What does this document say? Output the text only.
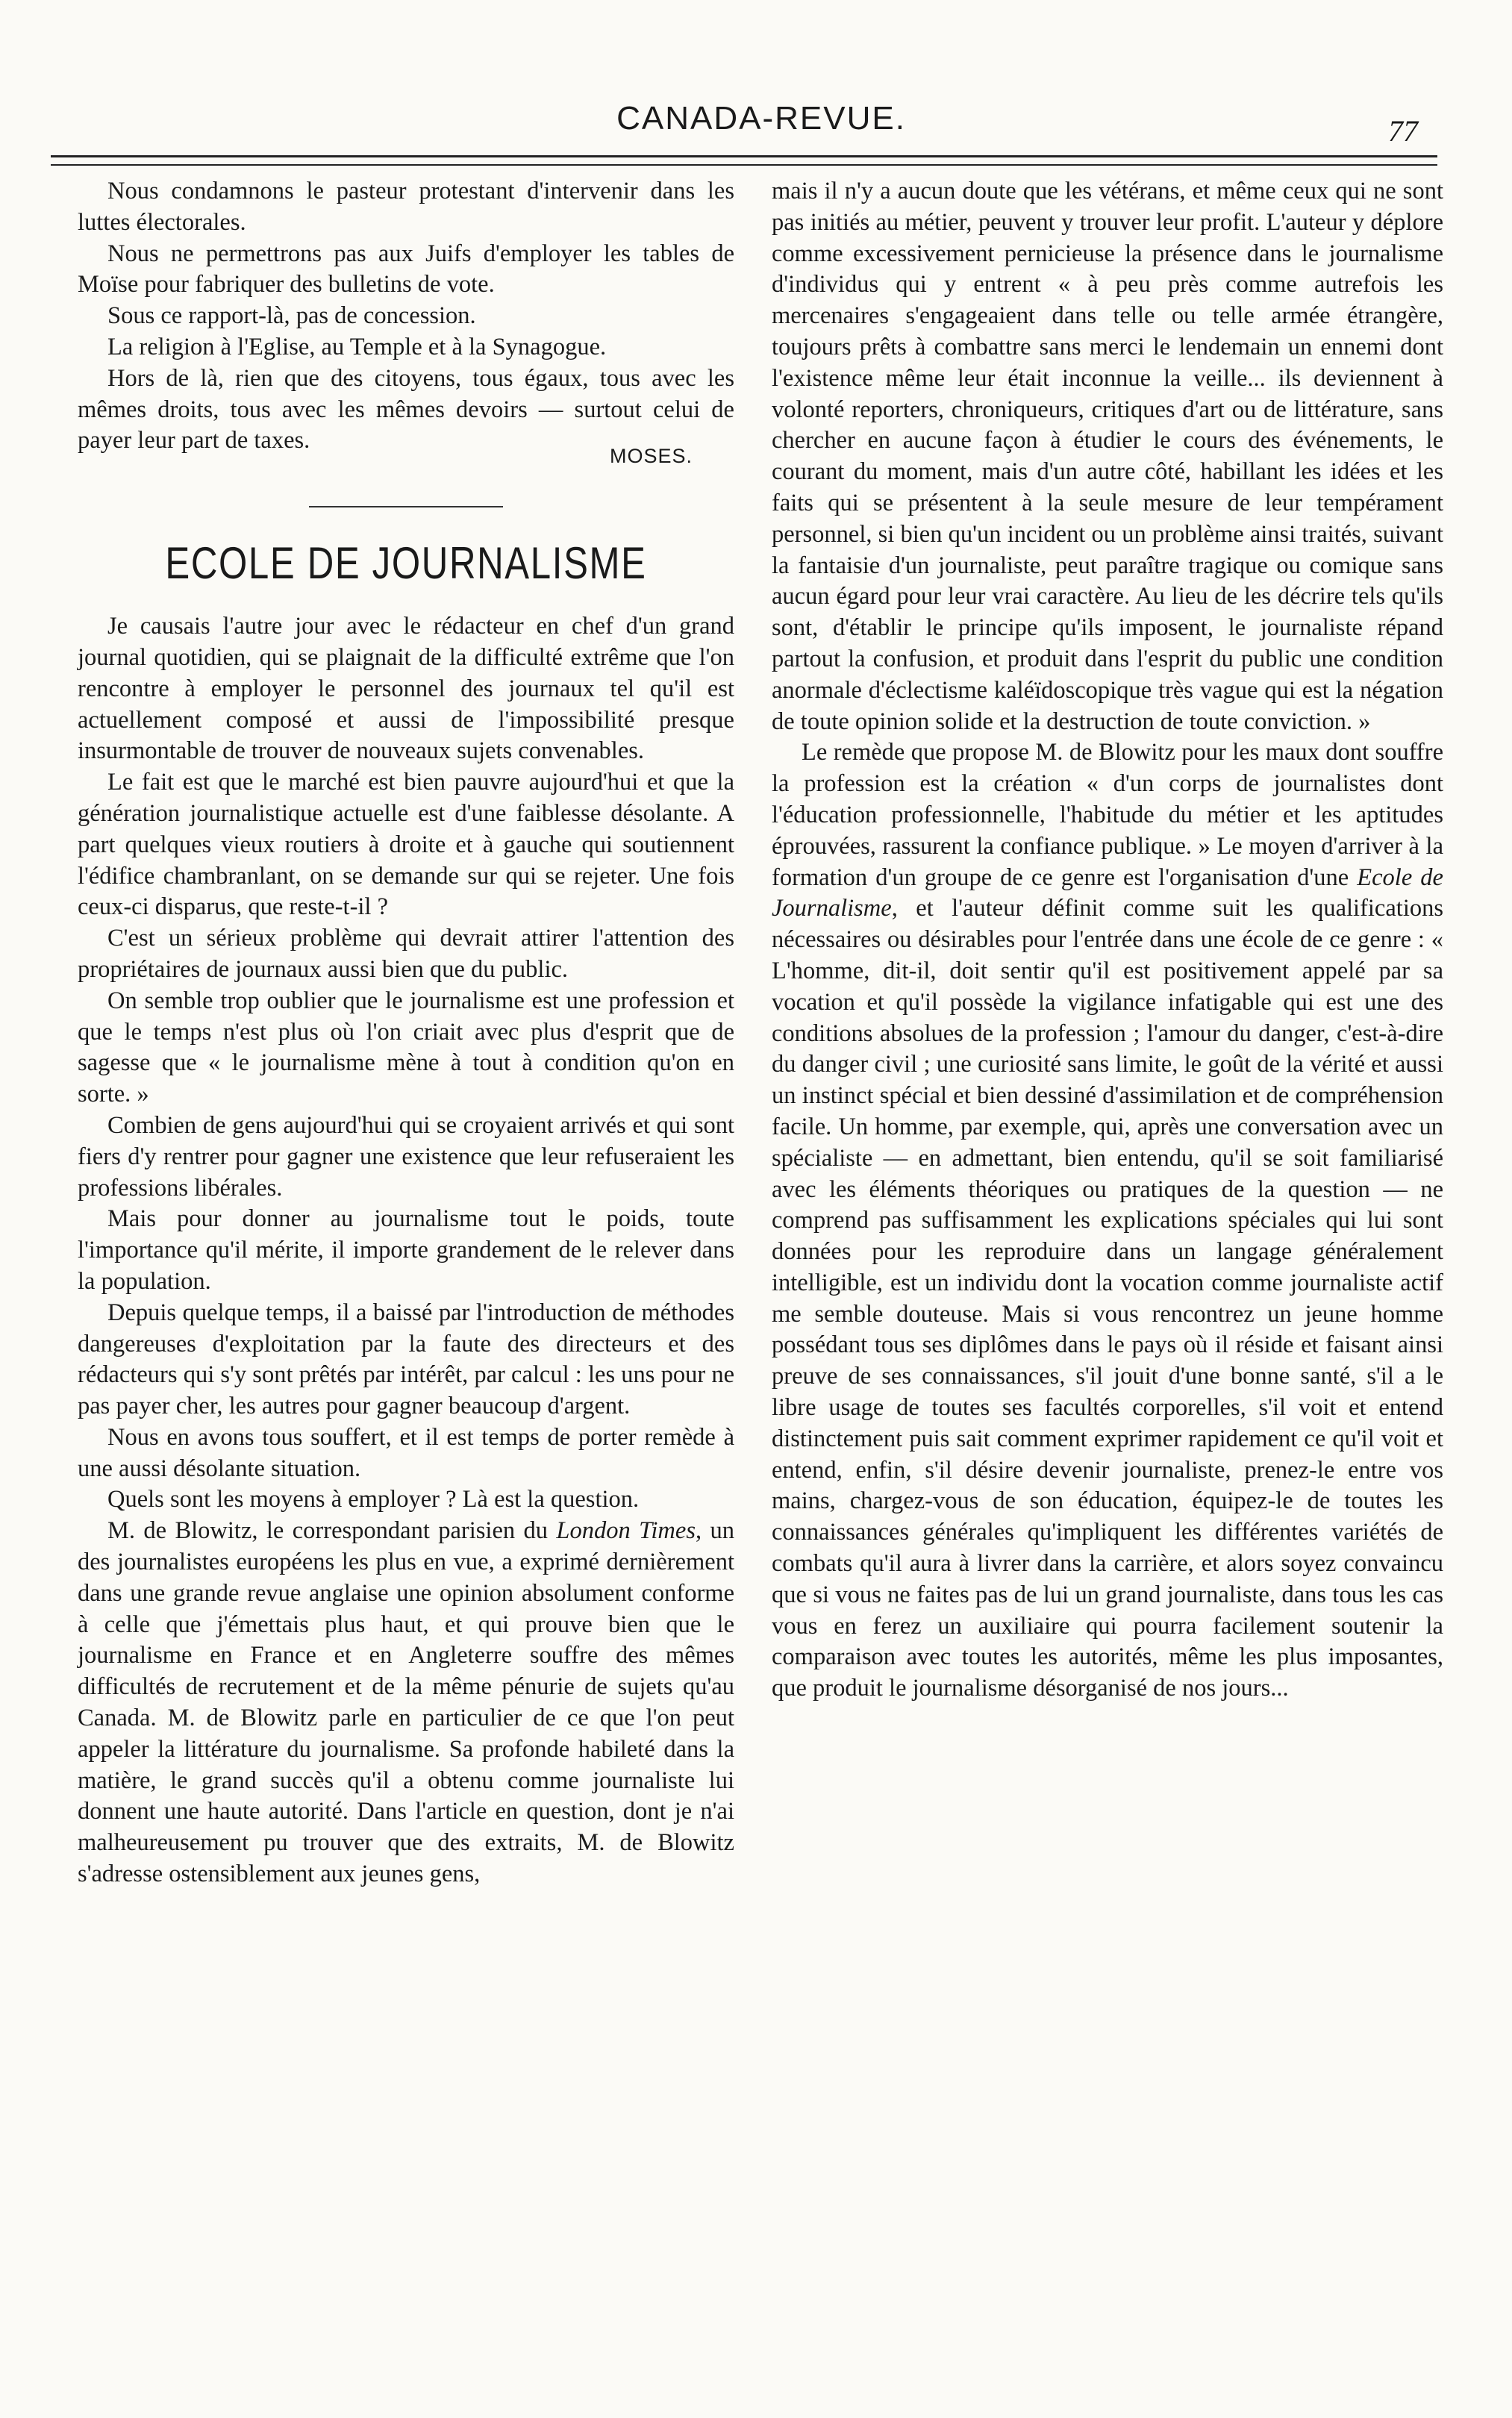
CANADA-REVUE.	77

Nous condamnons le pasteur protestant d'intervenir dans les luttes électorales.

Nous ne permettrons pas aux Juifs d'employer les tables de Moïse pour fabriquer des bulletins de vote.

Sous ce rapport-là, pas de concession.

La religion à l'Eglise, au Temple et à la Synagogue.

Hors de là, rien que des citoyens, tous égaux, tous avec les mêmes droits, tous avec les mêmes devoirs — surtout celui de payer leur part de taxes.

MOSES.
ECOLE DE JOURNALISME

Je causais l'autre jour avec le rédacteur en chef d'un grand journal quotidien, qui se plaignait de la difficulté extrême que l'on rencontre à employer le personnel des journaux tel qu'il est actuellement composé et aussi de l'impossibilité presque insurmontable de trouver de nouveaux sujets convenables.

Le fait est que le marché est bien pauvre aujourd'hui et que la génération journalistique actuelle est d'une faiblesse désolante. A part quelques vieux routiers à droite et à gauche qui soutiennent l'édifice chambranlant, on se demande sur qui se rejeter. Une fois ceux-ci disparus, que reste-t-il ?

C'est un sérieux problème qui devrait attirer l'attention des propriétaires de journaux aussi bien que du public.

On semble trop oublier que le journalisme est une profession et que le temps n'est plus où l'on criait avec plus d'esprit que de sagesse que « le journalisme mène à tout à condition qu'on en sorte. »

Combien de gens aujourd'hui qui se croyaient arrivés et qui sont fiers d'y rentrer pour gagner une existence que leur refuseraient les professions libérales.

Mais pour donner au journalisme tout le poids, toute l'importance qu'il mérite, il importe grandement de le relever dans la population.

Depuis quelque temps, il a baissé par l'introduction de méthodes dangereuses d'exploitation par la faute des directeurs et des rédacteurs qui s'y sont prêtés par intérêt, par calcul : les uns pour ne pas payer cher, les autres pour gagner beaucoup d'argent.

Nous en avons tous souffert, et il est temps de porter remède à une aussi désolante situation.

Quels sont les moyens à employer ? Là est la question.

M. de Blowitz, le correspondant parisien du London Times, un des journalistes européens les plus en vue, a exprimé dernièrement dans une grande revue anglaise une opinion absolument conforme à celle que j'émettais plus haut, et qui prouve bien que le journalisme en France et en Angleterre souffre des mêmes difficultés de recrutement et de la même pénurie de sujets qu'au Canada. M. de Blowitz parle en particulier de ce que l'on peut appeler la littérature du journalisme. Sa profonde habileté dans la matière, le grand succès qu'il a obtenu comme journaliste lui donnent une haute autorité. Dans l'article en question, dont je n'ai malheureusement pu trouver que des extraits, M. de Blowitz s'adresse ostensiblement aux jeunes gens,

mais il n'y a aucun doute que les vétérans, et même ceux qui ne sont pas initiés au métier, peuvent y trouver leur profit. L'auteur y déplore comme excessivement pernicieuse la présence dans le journalisme d'individus qui y entrent « à peu près comme autrefois les mercenaires s'engageaient dans telle ou telle armée étrangère, toujours prêts à combattre sans merci le lendemain un ennemi dont l'existence même leur était inconnue la veille... ils deviennent à volonté reporters, chroniqueurs, critiques d'art ou de littérature, sans chercher en aucune façon à étudier le cours des événements, le courant du moment, mais d'un autre côté, habillant les idées et les faits qui se présentent à la seule mesure de leur tempérament personnel, si bien qu'un incident ou un problème ainsi traités, suivant la fantaisie d'un journaliste, peut paraître tragique ou comique sans aucun égard pour leur vrai caractère. Au lieu de les décrire tels qu'ils sont, d'établir le principe qu'ils imposent, le journaliste répand partout la confusion, et produit dans l'esprit du public une condition anormale d'éclectisme kaléïdoscopique très vague qui est la négation de toute opinion solide et la destruction de toute conviction. »

Le remède que propose M. de Blowitz pour les maux dont souffre la profession est la création « d'un corps de journalistes dont l'éducation professionnelle, l'habitude du métier et les aptitudes éprouvées, rassurent la confiance publique. » Le moyen d'arriver à la formation d'un groupe de ce genre est l'organisation d'une Ecole de Journalisme, et l'auteur définit comme suit les qualifications nécessaires ou désirables pour l'entrée dans une école de ce genre : « L'homme, dit-il, doit sentir qu'il est positivement appelé par sa vocation et qu'il possède la vigilance infatigable qui est une des conditions absolues de la profession ; l'amour du danger, c'est-à-dire du danger civil ; une curiosité sans limite, le goût de la vérité et aussi un instinct spécial et bien dessiné d'assimilation et de compréhension facile. Un homme, par exemple, qui, après une conversation avec un spécialiste — en admettant, bien entendu, qu'il se soit familiarisé avec les éléments théoriques ou pratiques de la question — ne comprend pas suffisamment les explications spéciales qui lui sont données pour les reproduire dans un langage généralement intelligible, est un individu dont la vocation comme journaliste actif me semble douteuse. Mais si vous rencontrez un jeune homme possédant tous ses diplômes dans le pays où il réside et faisant ainsi preuve de ses connaissances, s'il jouit d'une bonne santé, s'il a le libre usage de toutes ses facultés corporelles, s'il voit et entend distinctement puis sait comment exprimer rapidement ce qu'il voit et entend, enfin, s'il désire devenir journaliste, prenez-le entre vos mains, chargez-vous de son éducation, équipez-le de toutes les connaissances générales qu'impliquent les différentes variétés de combats qu'il aura à livrer dans la carrière, et alors soyez convaincu que si vous ne faites pas de lui un grand journaliste, dans tous les cas vous en ferez un auxiliaire qui pourra facilement soutenir la comparaison avec toutes les autorités, même les plus imposantes, que produit le journalisme désorganisé de nos jours...
